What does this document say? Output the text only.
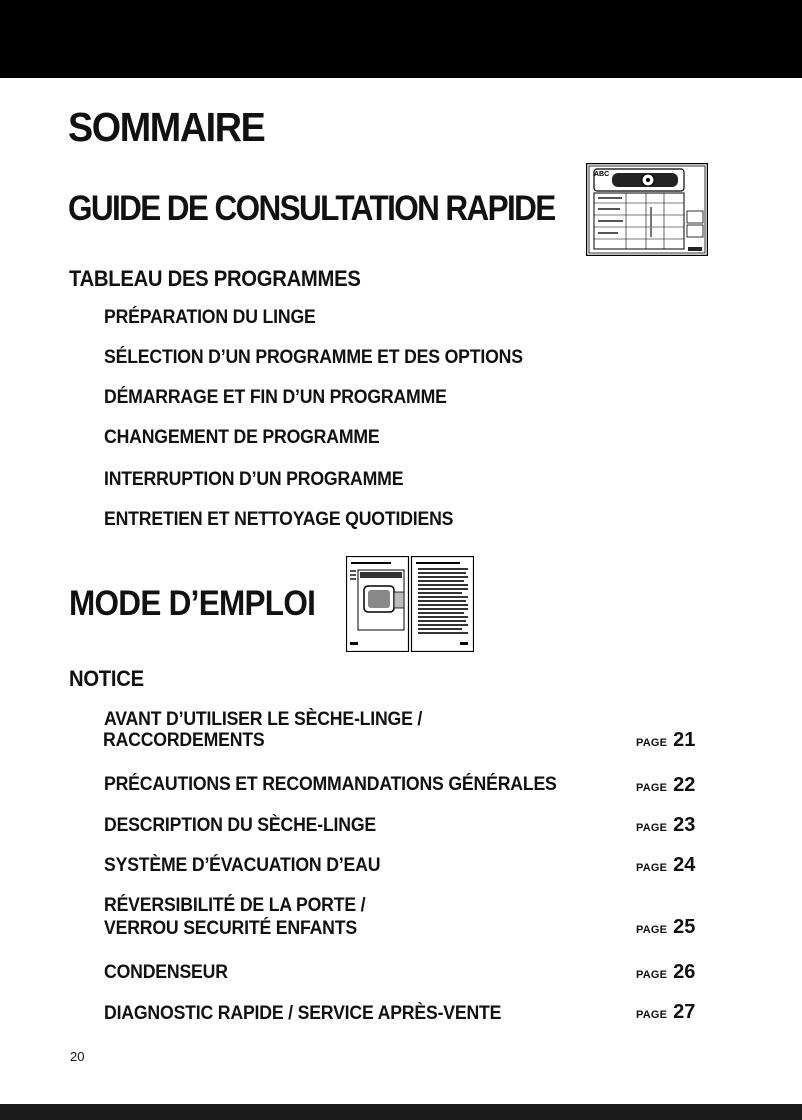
SOMMAIRE
GUIDE DE CONSULTATION RAPIDE
ABC
TABLEAU DES PROGRAMMES
PRÉPARATION DU LINGE
SÉLECTION D’UN PROGRAMME ET DES OPTIONS
DÉMARRAGE ET FIN D’UN PROGRAMME
CHANGEMENT DE PROGRAMME
INTERRUPTION D’UN PROGRAMME
ENTRETIEN ET NETTOYAGE QUOTIDIENS
MODE D’EMPLOI
NOTICE
AVANT D’UTILISER LE SÈCHE-LINGE /
RACCORDEMENTS	PAGE 21
PRÉCAUTIONS ET RECOMMANDATIONS GÉNÉRALES	PAGE 22
DESCRIPTION DU SÈCHE-LINGE	PAGE 23
SYSTÈME D’ÉVACUATION D’EAU	PAGE 24
RÉVERSIBILITÉ DE LA PORTE /
VERROU SECURITÉ ENFANTS	PAGE 25
CONDENSEUR	PAGE 26
DIAGNOSTIC RAPIDE / SERVICE APRÈS-VENTE	PAGE 27
20
